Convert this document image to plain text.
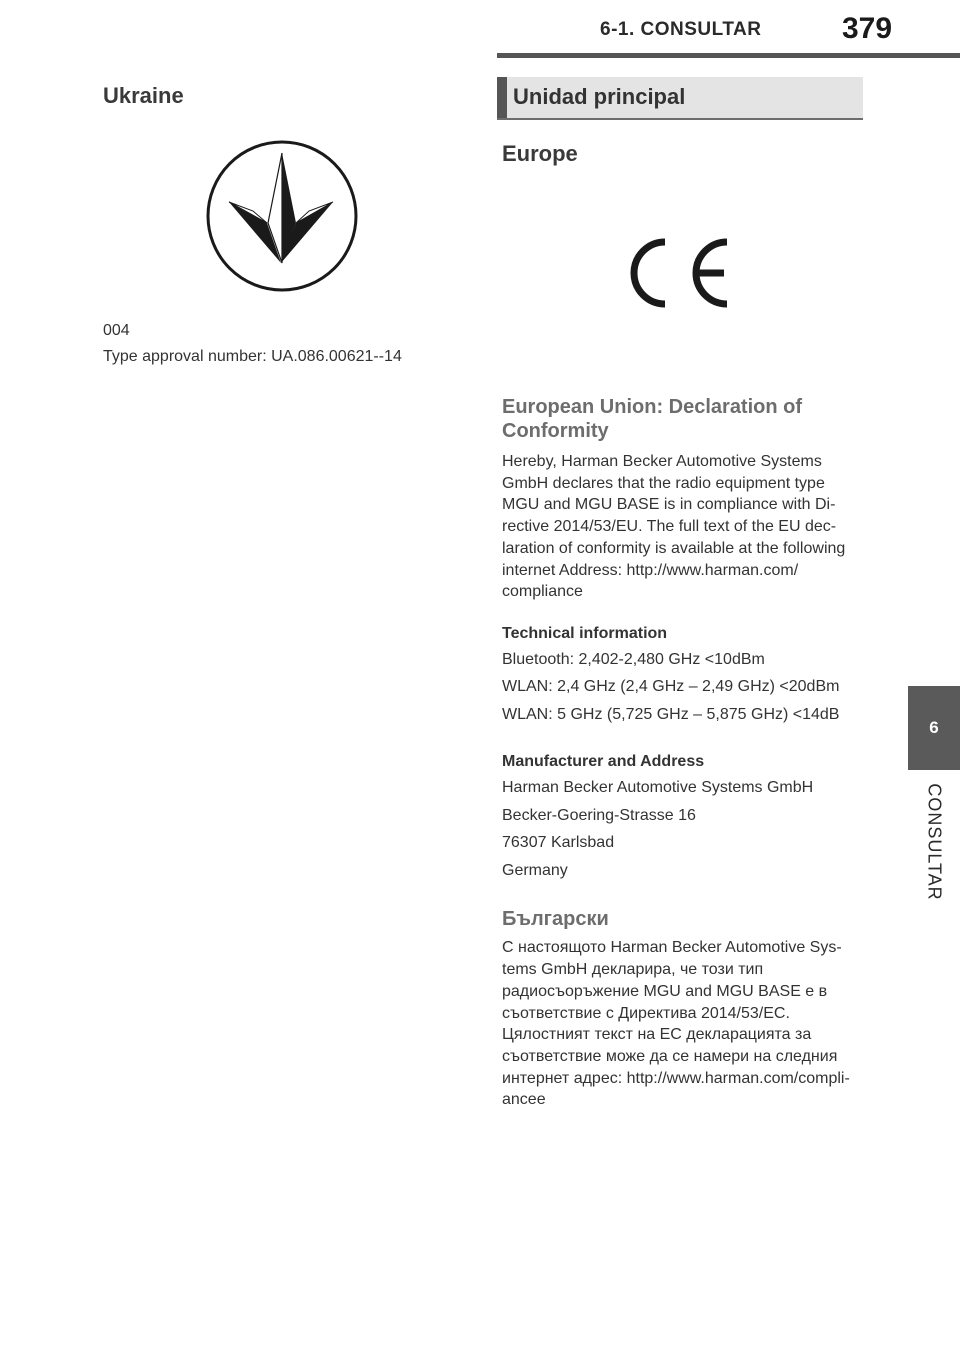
6-1. CONSULTAR	379
6
CONSULTAR
Ukraine
004
Type approval number: UA.086.00621--14
Unidad principal
Europe
European Union: Declaration of
Conformity

Hereby, Harman Becker Automotive Systems

GmbH declares that the radio equipment type

MGU and MGU BASE is in compliance with Di-

rective 2014/53/EU. The full text of the EU dec-

laration of conformity is available at the following

internet Address: http://www.harman.com/

compliance

Technical information

Bluetooth: 2,402-2,480 GHz <10dBm

WLAN: 2,4 GHz (2,4 GHz – 2,49 GHz) <20dBm

WLAN: 5 GHz (5,725 GHz – 5,875 GHz) <14dB

Manufacturer and Address

Harman Becker Automotive Systems GmbH

Becker-Goering-Strasse 16

76307 Karlsbad

Germany

Български

С настоящото Harman Becker Automotive Sys-

tems GmbH декларира, че този тип

радиосъоръжение MGU and MGU BASE е в

съответствие с Директива 2014/53/ЕС.

Цялостният текст на ЕС декларацията за

съответствие може да се намери на следния

интернет адрес: http://www.harman.com/compli-

ancee
